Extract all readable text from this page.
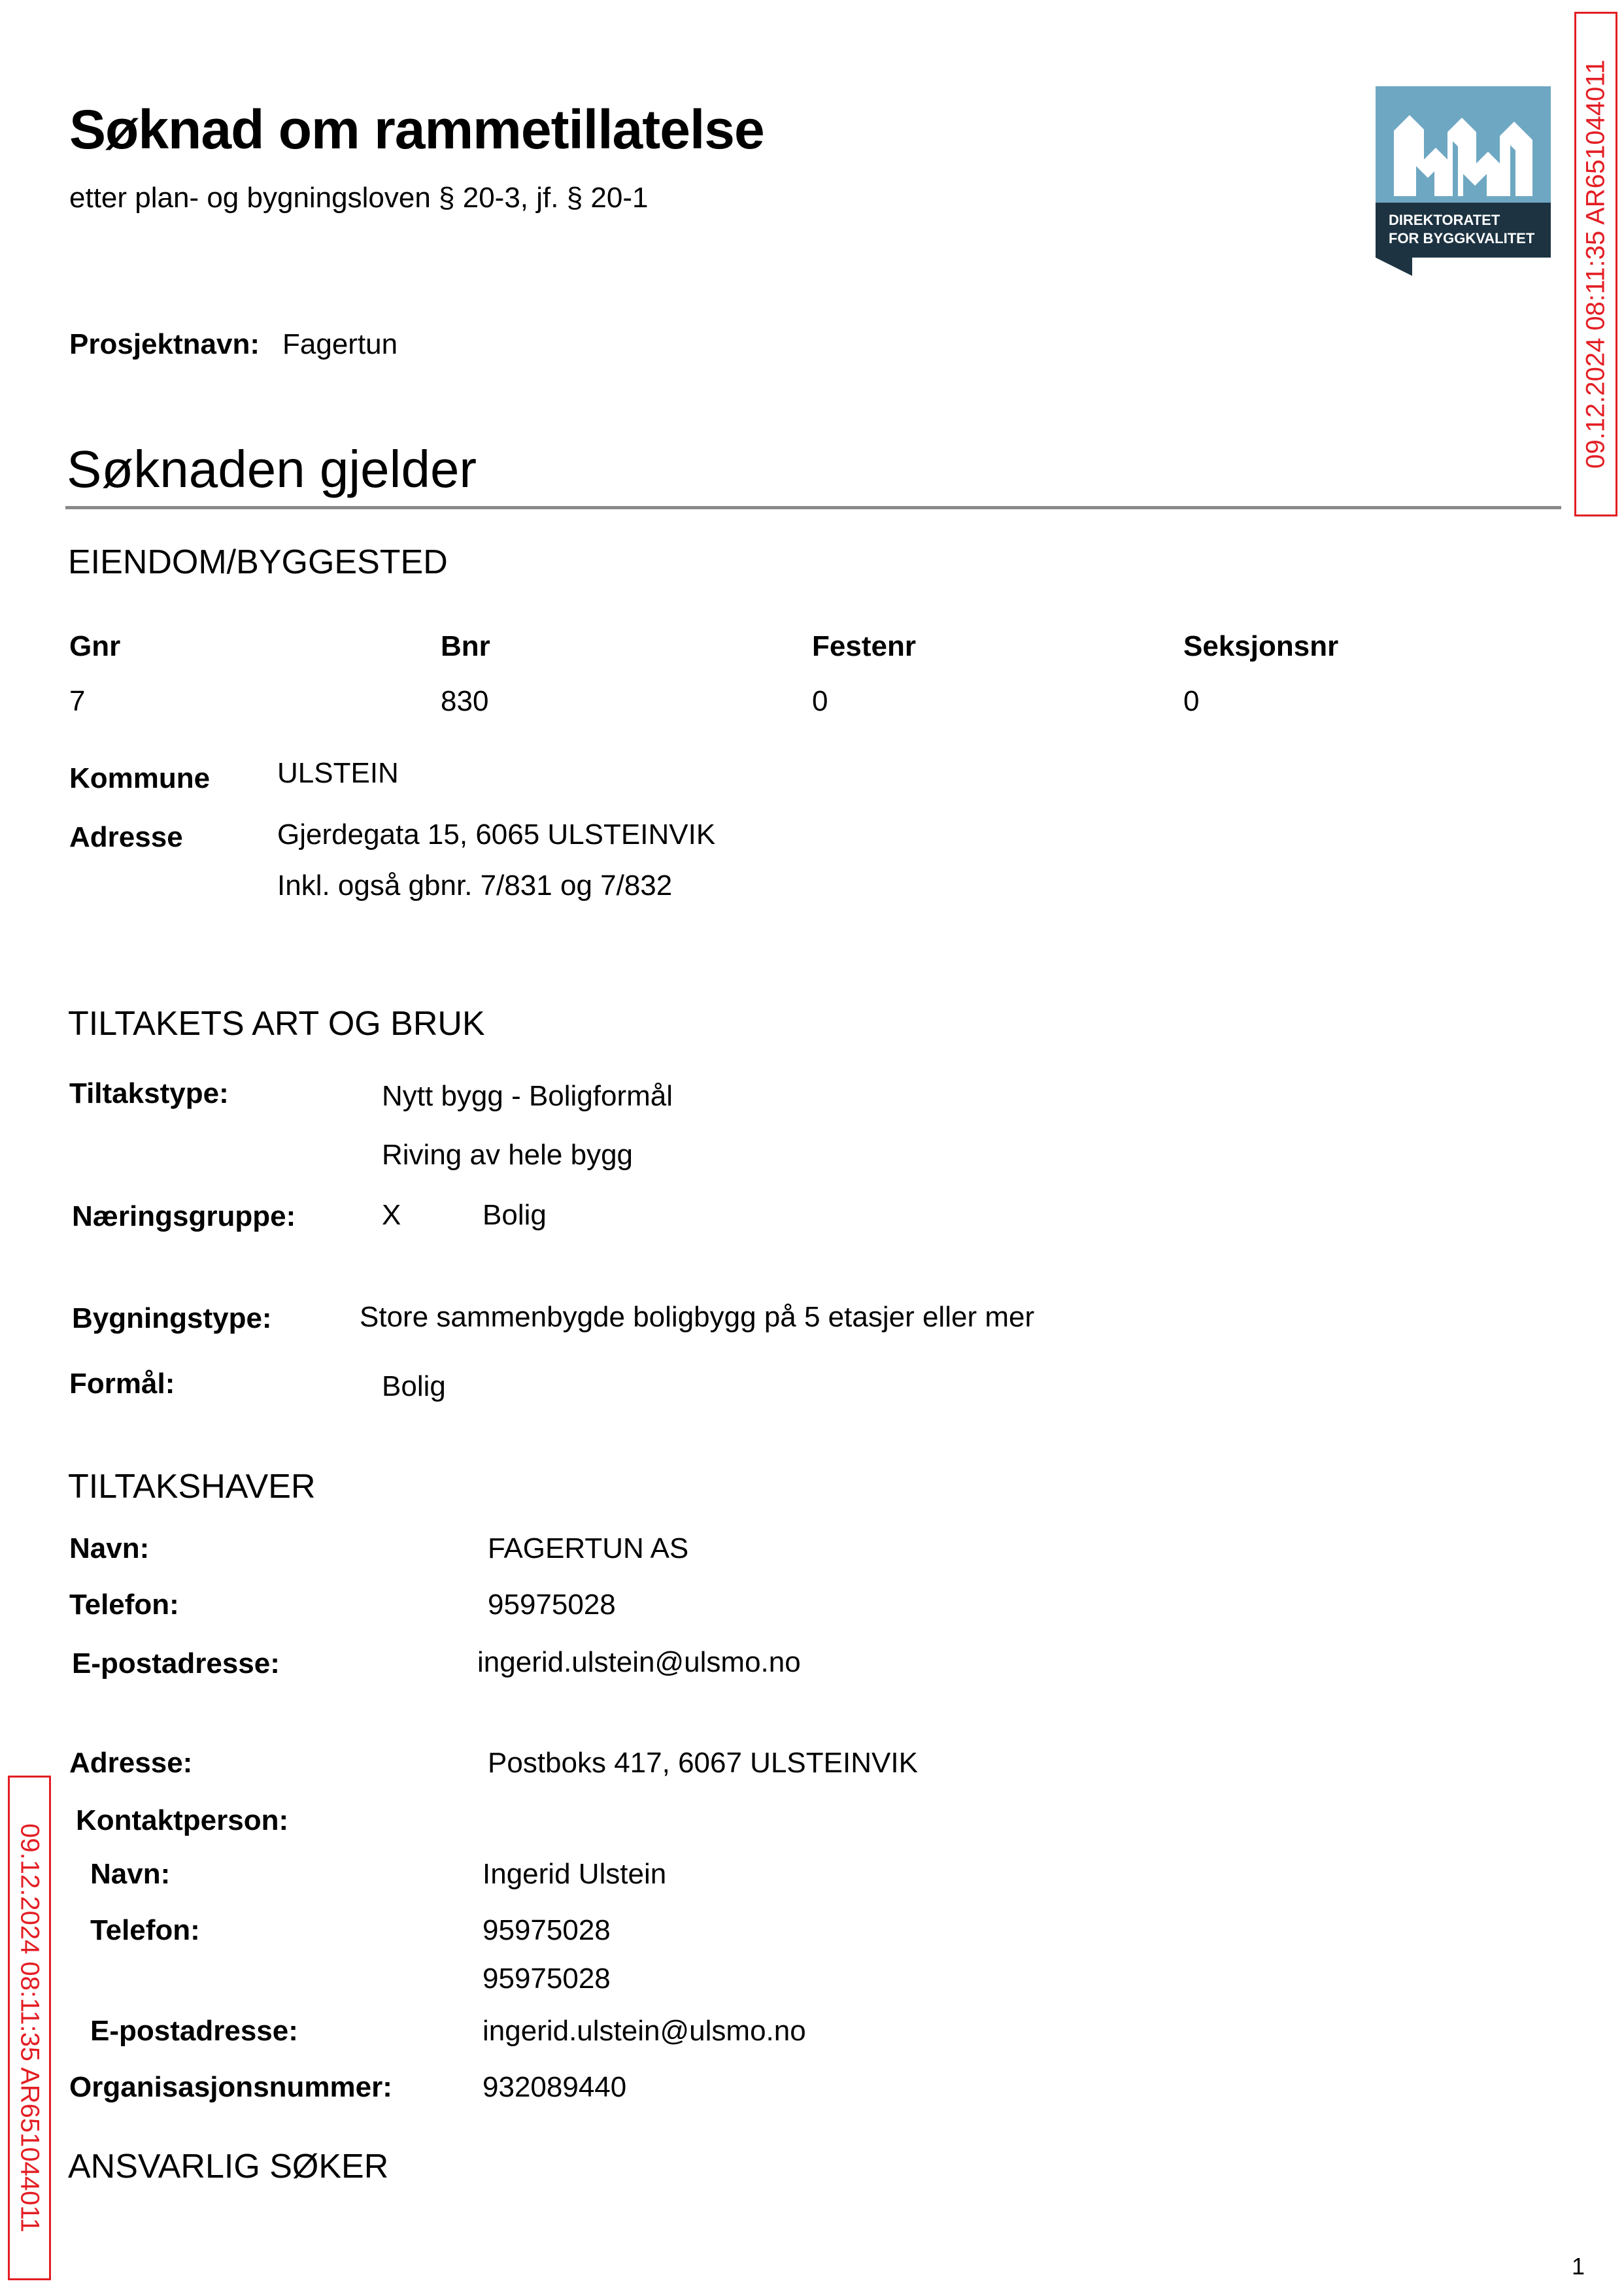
Søknad om rammetillatelse
etter plan- og bygningsloven § 20-3, jf. § 20-1
DIREKTORATET
FOR BYGGKVALITET 09.12.2024 08:11:35 AR651044011
Prosjektnavn: Fagertun
Søknaden gjelder
EIENDOM/BYGGESTED
Gnr	Bnr	Festenr	Seksjonsnr
7	830	0	0
Kommune ULSTEIN
Adresse	Gjerdegata 15, 6065 ULSTEINVIK
Inkl. også gbnr. 7/831 og 7/832
TILTAKETS ART OG BRUK
Tiltakstype:	Nytt bygg - Boligformål
Riving av hele bygg
Næringsgruppe:	X	Bolig
Bygningstype:	Store sammenbygde boligbygg på 5 etasjer eller mer
Formål:	Bolig
TILTAKSHAVER
Navn:	FAGERTUN AS
Telefon:	95975028
E-postadresse:	ingerid.ulstein@ulsmo.no
Adresse:	Postboks 417, 6067 ULSTEINVIK
Kontaktperson:
Navn:	Ingerid Ulstein
Telefon:	95975028
95975028
E-postadresse:	ingerid.ulstein@ulsmo.no
Organisasjonsnummer:	932089440
ANSVARLIG SØKER
09.12.2024 08:11:35 AR651044011
1
